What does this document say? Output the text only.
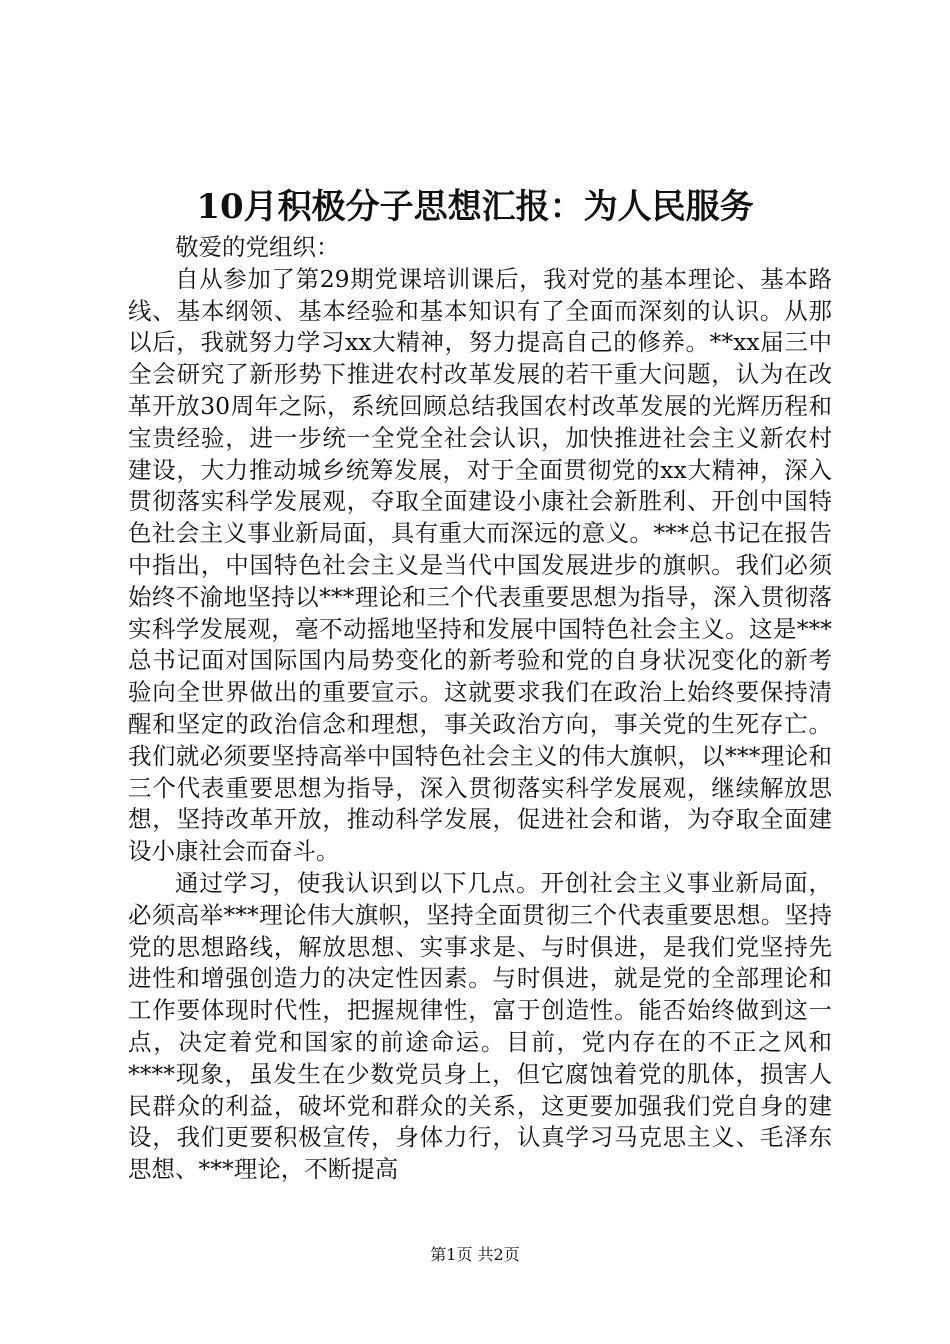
10月积极分子思想汇报：为人民服务

敬爱的党组织：

自从参加了第29期党课培训课后，我对党的基本理论、基本路线、基本纲领、基本经验和基本知识有了全面而深刻的认识。从那以后，我就努力学习xx大精神，努力提高自己的修养。**xx届三中全会研究了新形势下推进农村改革发展的若干重大问题，认为在改革开放30周年之际，系统回顾总结我国农村改革发展的光辉历程和宝贵经验，进一步统一全党全社会认识，加快推进社会主义新农村建设，大力推动城乡统筹发展，对于全面贯彻党的xx大精神，深入贯彻落实科学发展观，夺取全面建设小康社会新胜利、开创中国特色社会主义事业新局面，具有重大而深远的意义。***总书记在报告中指出，中国特色社会主义是当代中国发展进步的旗帜。我们必须始终不渝地坚持以***理论和三个代表重要思想为指导，深入贯彻落实科学发展观，毫不动摇地坚持和发展中国特色社会主义。这是***总书记面对国际国内局势变化的新考验和党的自身状况变化的新考验向全世界做出的重要宣示。这就要求我们在政治上始终要保持清醒和坚定的政治信念和理想，事关政治方向，事关党的生死存亡。我们就必须要坚持高举中国特色社会主义的伟大旗帜，以***理论和三个代表重要思想为指导，深入贯彻落实科学发展观，继续解放思想，坚持改革开放，推动科学发展，促进社会和谐，为夺取全面建设小康社会而奋斗。

通过学习，使我认识到以下几点。开创社会主义事业新局面，必须高举***理论伟大旗帜，坚持全面贯彻三个代表重要思想。坚持党的思想路线，解放思想、实事求是、与时俱进，是我们党坚持先进性和增强创造力的决定性因素。与时俱进，就是党的全部理论和工作要体现时代性，把握规律性，富于创造性。能否始终做到这一点，决定着党和国家的前途命运。目前，党内存在的不正之风和****现象，虽发生在少数党员身上，但它腐蚀着党的肌体，损害人民群众的利益，破坏党和群众的关系，这更要加强我们党自身的建设，我们更要积极宣传，身体力行，认真学习马克思主义、毛泽东思想、***理论，不断提高

第1页 共2页
